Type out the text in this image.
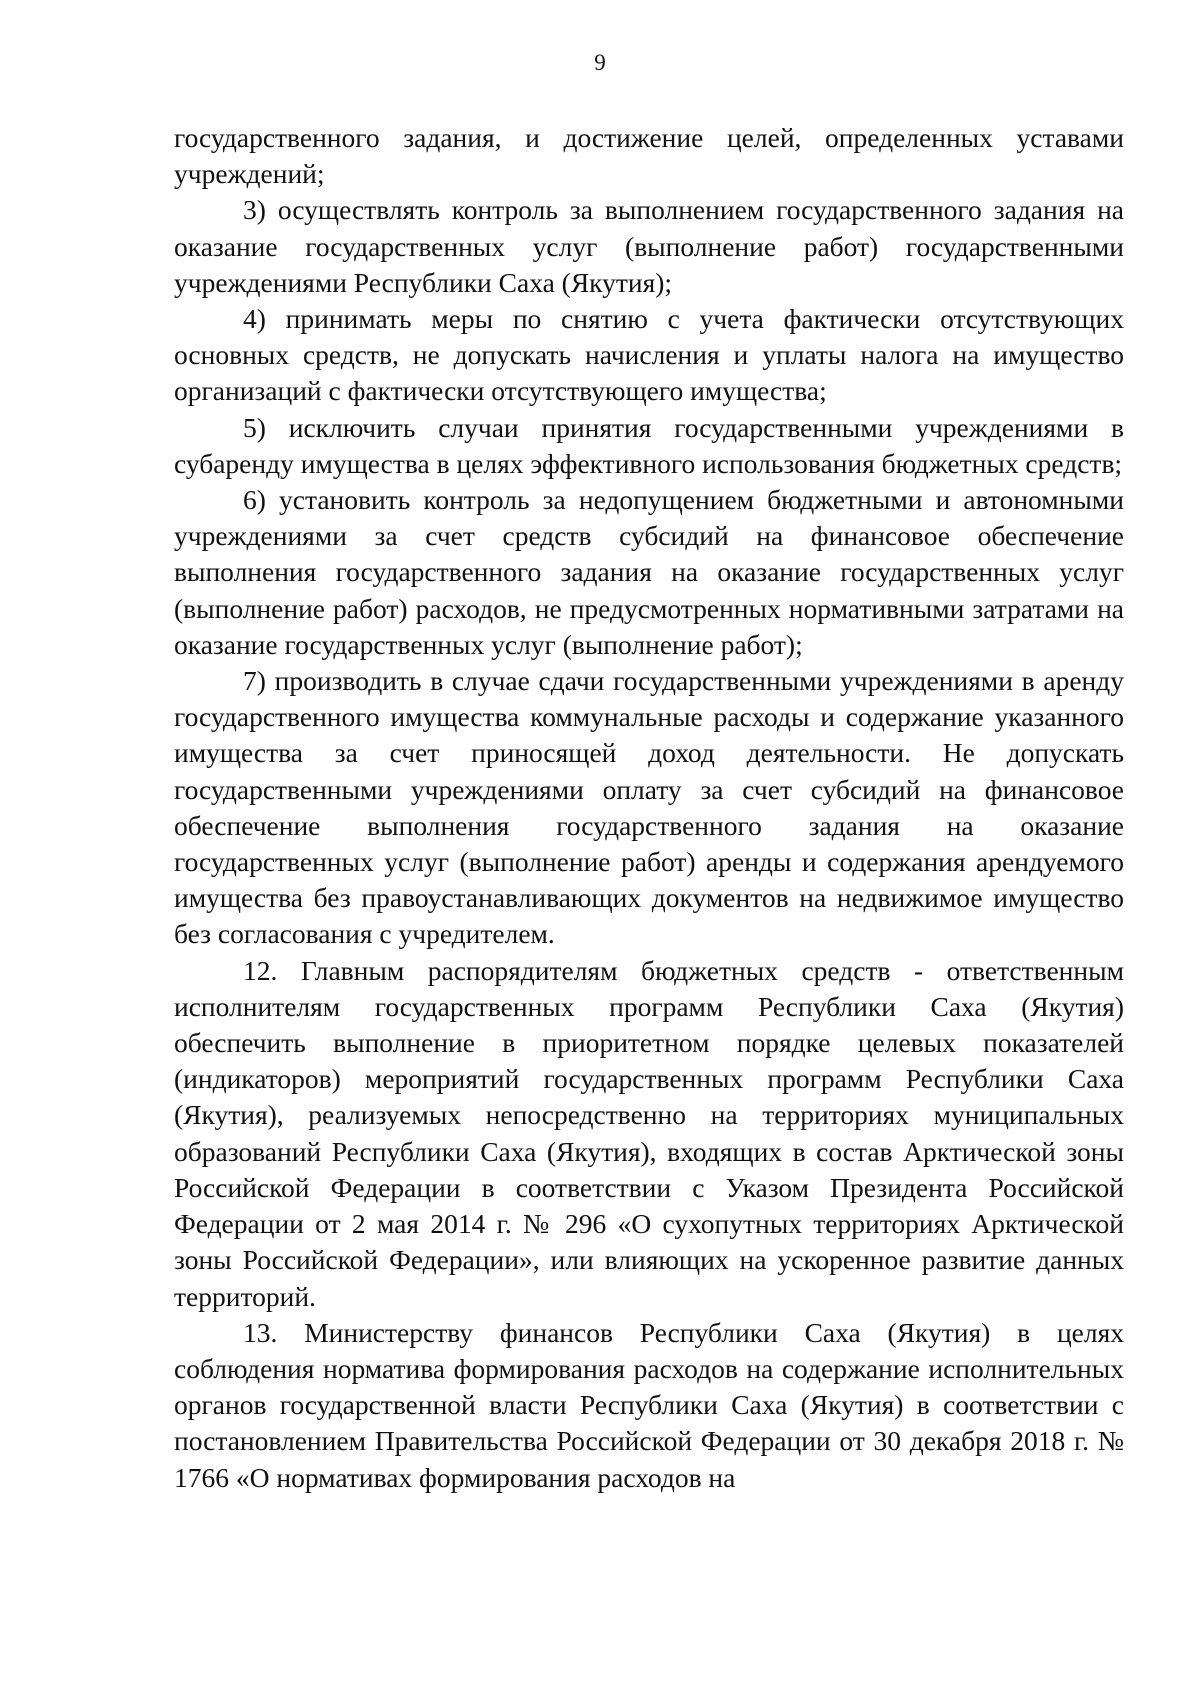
9

государственного задания, и достижение целей, определенных уставами учреждений;

3) осуществлять контроль за выполнением государственного задания на оказание государственных услуг (выполнение работ) государственными учреждениями Республики Саха (Якутия);

4) принимать меры по снятию с учета фактически отсутствующих основных средств, не допускать начисления и уплаты налога на имущество организаций с фактически отсутствующего имущества;

5) исключить случаи принятия государственными учреждениями в субаренду имущества в целях эффективного использования бюджетных средств;

6) установить контроль за недопущением бюджетными и автономными учреждениями за счет средств субсидий на финансовое обеспечение выполнения государственного задания на оказание государственных услуг (выполнение работ) расходов, не предусмотренных нормативными затратами на оказание государственных услуг (выполнение работ);

7) производить в случае сдачи государственными учреждениями в аренду государственного имущества коммунальные расходы и содержание указанного имущества за счет приносящей доход деятельности. Не допускать государственными учреждениями оплату за счет субсидий на финансовое обеспечение выполнения государственного задания на оказание государственных услуг (выполнение работ) аренды и содержания арендуемого имущества без правоустанавливающих документов на недвижимое имущество без согласования с учредителем.

12. Главным распорядителям бюджетных средств - ответственным исполнителям государственных программ Республики Саха (Якутия) обеспечить выполнение в приоритетном порядке целевых показателей (индикаторов) мероприятий государственных программ Республики Саха (Якутия), реализуемых непосредственно на территориях муниципальных образований Республики Саха (Якутия), входящих в состав Арктической зоны Российской Федерации в соответствии с Указом Президента Российской Федерации от 2 мая 2014 г. № 296 «О сухопутных территориях Арктической зоны Российской Федерации», или влияющих на ускоренное развитие данных территорий.

13. Министерству финансов Республики Саха (Якутия) в целях соблюдения норматива формирования расходов на содержание исполнительных органов государственной власти Республики Саха (Якутия) в соответствии с постановлением Правительства Российской Федерации от 30 декабря 2018 г. № 1766 «О нормативах формирования расходов на
